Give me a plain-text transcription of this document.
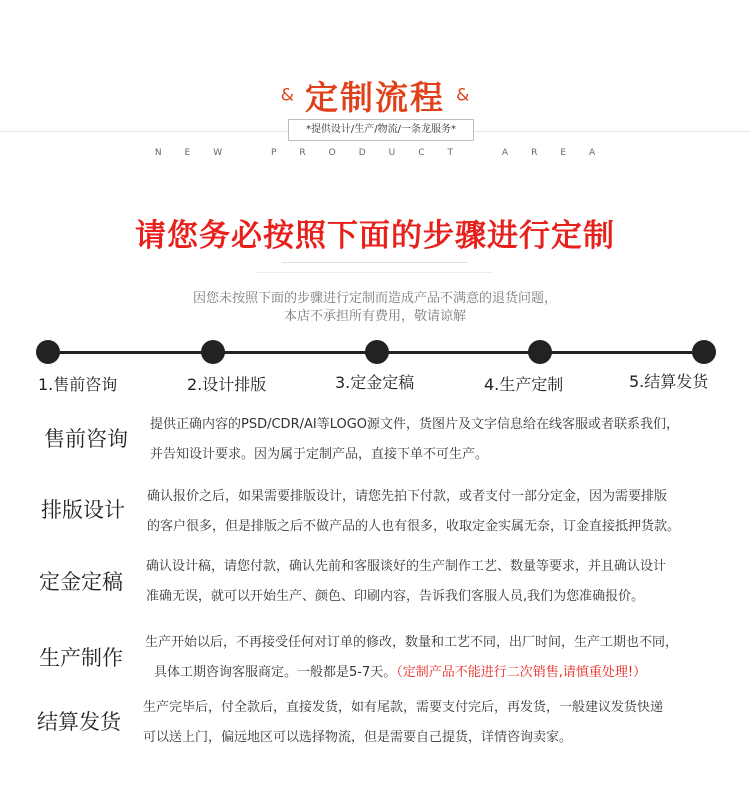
& 定制流程 &
*提供设计/生产/物流/一条龙服务*
NEW PRODUCT AREA
请您务必按照下面的步骤进行定制
因您未按照下面的步骤进行定制而造成产品不满意的退货问题，
本店不承担所有费用，敬请谅解
1.售前咨询	2.设计排版	3.定金定稿	4.生产定制	5.结算发货
售前咨询
提供正确内容的PSD/CDR/AI等LOGO源文件，货图片及文字信息给在线客服或者联系我们，
并告知设计要求。因为属于定制产品，直接下单不可生产。
排版设计
确认报价之后，如果需要排版设计，请您先拍下付款，或者支付一部分定金，因为需要排版
的客户很多，但是排版之后不做产品的人也有很多，收取定金实属无奈，订金直接抵押货款。
定金定稿
确认设计稿，请您付款，确认先前和客服谈好的生产制作工艺、数量等要求，并且确认设计
准确无误，就可以开始生产、颜色、印刷内容，告诉我们客服人员,我们为您准确报价。
生产制作
生产开始以后，不再接受任何对订单的修改，数量和工艺不同，出厂时间，生产工期也不同，
具体工期咨询客服商定。一般都是5-7天。（定制产品不能进行二次销售,请慎重处理!）
结算发货
生产完毕后，付全款后，直接发货，如有尾款，需要支付完后，再发货，一般建议发货快递
可以送上门，偏远地区可以选择物流，但是需要自己提货，详情咨询卖家。
